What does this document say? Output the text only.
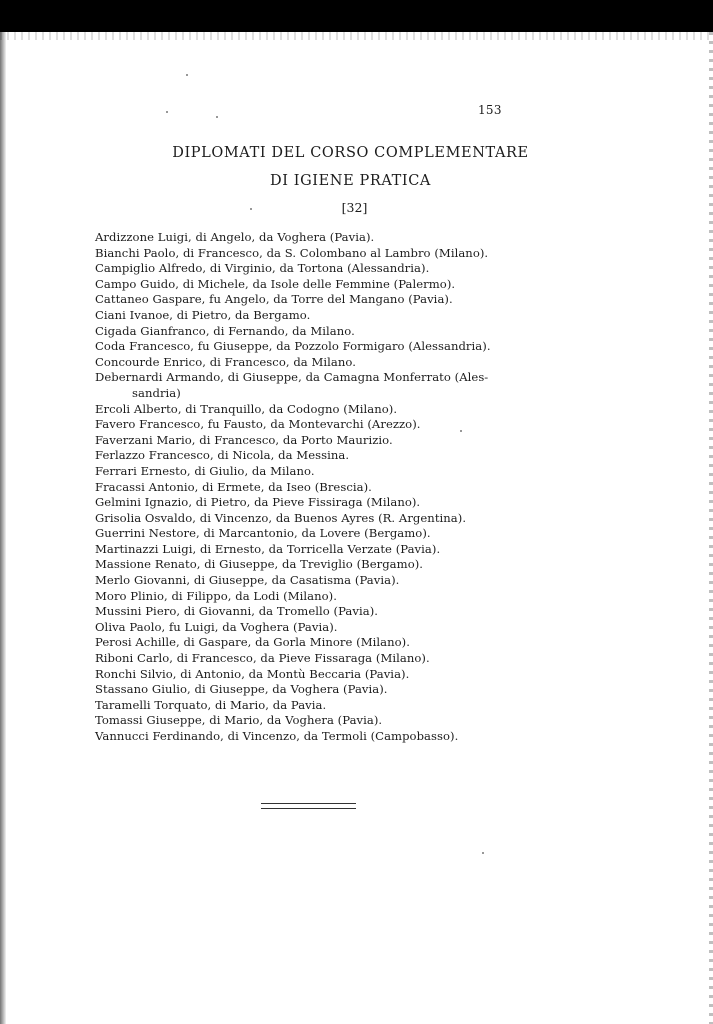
153
DIPLOMATI DEL CORSO COMPLEMENTARE
DI IGIENE PRATICA
[32]
Ardizzone Luigi, di Angelo, da Voghera (Pavia).
Bianchi Paolo, di Francesco, da S. Colombano al Lambro (Milano).
Campiglio Alfredo, di Virginio, da Tortona (Alessandria).
Campo Guido, di Michele, da Isole delle Femmine (Palermo).
Cattaneo Gaspare, fu Angelo, da Torre del Mangano (Pavia).
Ciani Ivanoe, di Pietro, da Bergamo.
Cigada Gianfranco, di Fernando, da Milano.
Coda Francesco, fu Giuseppe, da Pozzolo Formigaro (Alessandria).
Concourde Enrico, di Francesco, da Milano.
Debernardi Armando, di Giuseppe, da Camagna Monferrato (Ales-
sandria)
Ercoli Alberto, di Tranquillo, da Codogno (Milano).
Favero Francesco, fu Fausto, da Montevarchi (Arezzo).
Faverzani Mario, di Francesco, da Porto Maurizio.
Ferlazzo Francesco, di Nicola, da Messina.
Ferrari Ernesto, di Giulio, da Milano.
Fracassi Antonio, di Ermete, da Iseo (Brescia).
Gelmini Ignazio, di Pietro, da Pieve Fissiraga (Milano).
Grisolia Osvaldo, di Vincenzo, da Buenos Ayres (R. Argentina).
Guerrini Nestore, di Marcantonio, da Lovere (Bergamo).
Martinazzi Luigi, di Ernesto, da Torricella Verzate (Pavia).
Massione Renato, di Giuseppe, da Treviglio (Bergamo).
Merlo Giovanni, di Giuseppe, da Casatisma (Pavia).
Moro Plinio, di Filippo, da Lodi (Milano).
Mussini Piero, di Giovanni, da Tromello (Pavia).
Oliva Paolo, fu Luigi, da Voghera (Pavia).
Perosi Achille, di Gaspare, da Gorla Minore (Milano).
Riboni Carlo, di Francesco, da Pieve Fissaraga (Milano).
Ronchi Silvio, di Antonio, da Montù Beccaria (Pavia).
Stassano Giulio, di Giuseppe, da Voghera (Pavia).
Taramelli Torquato, di Mario, da Pavia.
Tomassi Giuseppe, di Mario, da Voghera (Pavia).
Vannucci Ferdinando, di Vincenzo, da Termoli (Campobasso).
